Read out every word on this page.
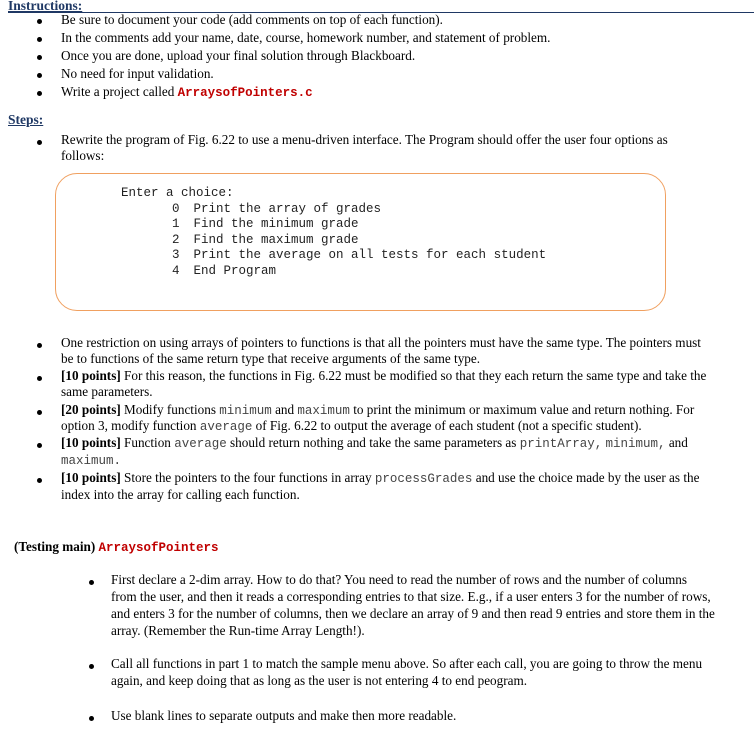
Instructions:
Be sure to document your code (add comments on top of each function).
In the comments add your name, date, course, homework number, and statement of problem.
Once you are done, upload your final solution through Blackboard.
No need for input validation.
Write a project called ArraysofPointers.c
Steps:
Rewrite the program of Fig. 6.22 to use a menu-driven interface. The Program should offer the user four options as
follows:
Enter a choice:
0 Print the array of grades
1 Find the minimum grade
2 Find the maximum grade
3 Print the average on all tests for each student
4 End Program
One restriction on using arrays of pointers to functions is that all the pointers must have the same type. The pointers must
be to functions of the same return type that receive arguments of the same type.
[10 points] For this reason, the functions in Fig. 6.22 must be modified so that they each return the same type and take the
same parameters.
[20 points] Modify functions minimum and maximum to print the minimum or maximum value and return nothing. For
option 3, modify function average of Fig. 6.22 to output the average of each student (not a specific student).
[10 points] Function average should return nothing and take the same parameters as printArray, minimum, and
maximum.
[10 points] Store the pointers to the four functions in array processGrades and use the choice made by the user as the
index into the array for calling each function.
(Testing main) ArraysofPointers
First declare a 2-dim array. How to do that? You need to read the number of rows and the number of columns
from the user, and then it reads a corresponding entries to that size. E.g., if a user enters 3 for the number of rows,
and enters 3 for the number of columns, then we declare an array of 9 and then read 9 entries and store them in the
array. (Remember the Run-time Array Length!).
Call all functions in part 1 to match the sample menu above. So after each call, you are going to throw the menu
again, and keep doing that as long as the user is not entering 4 to end peogram.
Use blank lines to separate outputs and make then more readable.
